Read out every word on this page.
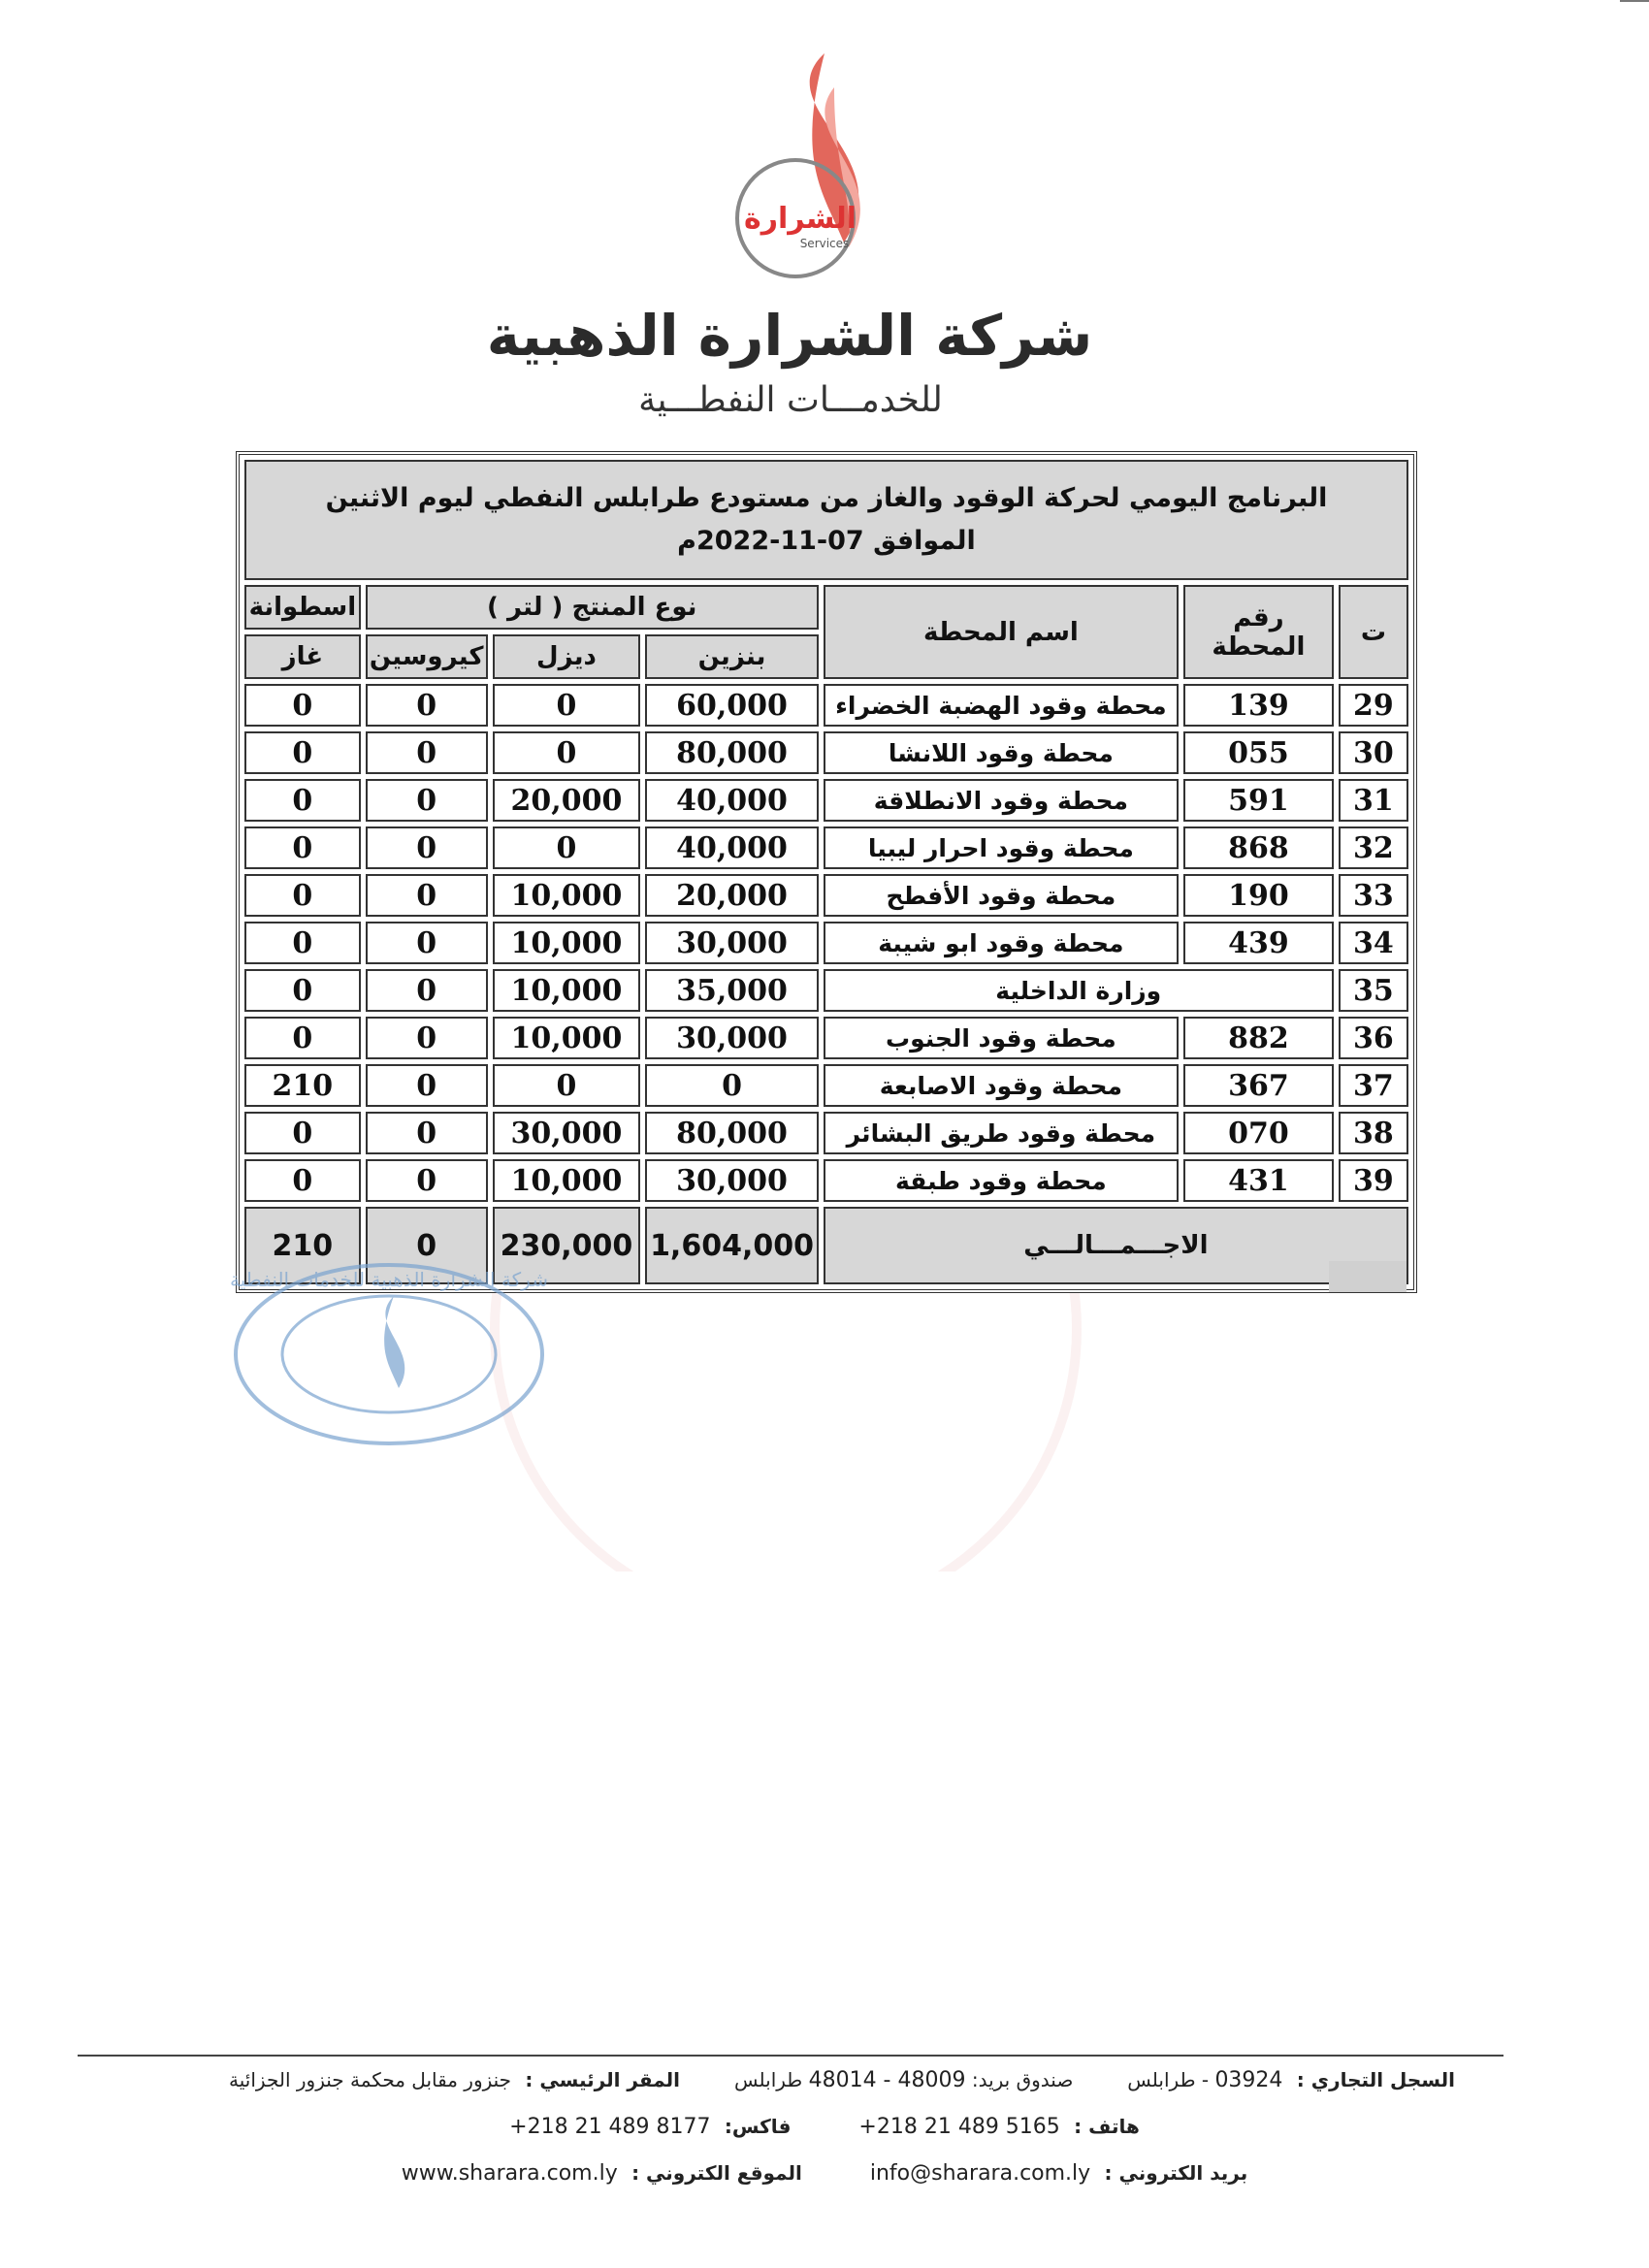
الشرارة
Services
شركة الشرارة الذهبية
للخدمـــات النفطـــية
البرنامج اليومي لحركة الوقود والغاز من مستودع طرابلس النفطي ليوم الاثنين
الموافق 07-11-2022م						

ت	رقم المحطة	اسم المحطة	نوع المنتج ( لتر )			اسطوانة
			بنزين	ديزل	كيروسين	غاز
29	139	محطة وقود الهضبة الخضراء	60,000	0	0	0
30	055	محطة وقود اللانشا	80,000	0	0	0
31	591	محطة وقود الانطلاقة	40,000	20,000	0	0
32	868	محطة وقود احرار ليبيا	40,000	0	0	0
33	190	محطة وقود الأفطح	20,000	10,000	0	0
34	439	محطة وقود ابو شيبة	30,000	10,000	0	0
35	وزارة الداخلية		35,000	10,000	0	0
36	882	محطة وقود الجنوب	30,000	10,000	0	0
37	367	محطة وقود الاصابعة	0	0	0	210
38	070	محطة وقود طريق البشائر	80,000	30,000	0	0
39	431	محطة وقود طبقة	30,000	10,000	0	0
الاجـــمـــالـــي			1,604,000	230,000	0	210
شركة الشرارة الذهبية للخدمات النفطية
السجل التجاري : 03924 - طرابلس
صندوق بريد: 48014 - 48009 طرابلس
المقر الرئيسي : جنزور مقابل محكمة جنزور الجزائية
هاتف : +218 21 489 5165
فاكس: +218 21 489 8177
بريد الكتروني : info@sharara.com.ly
الموقع الكتروني : www.sharara.com.ly
